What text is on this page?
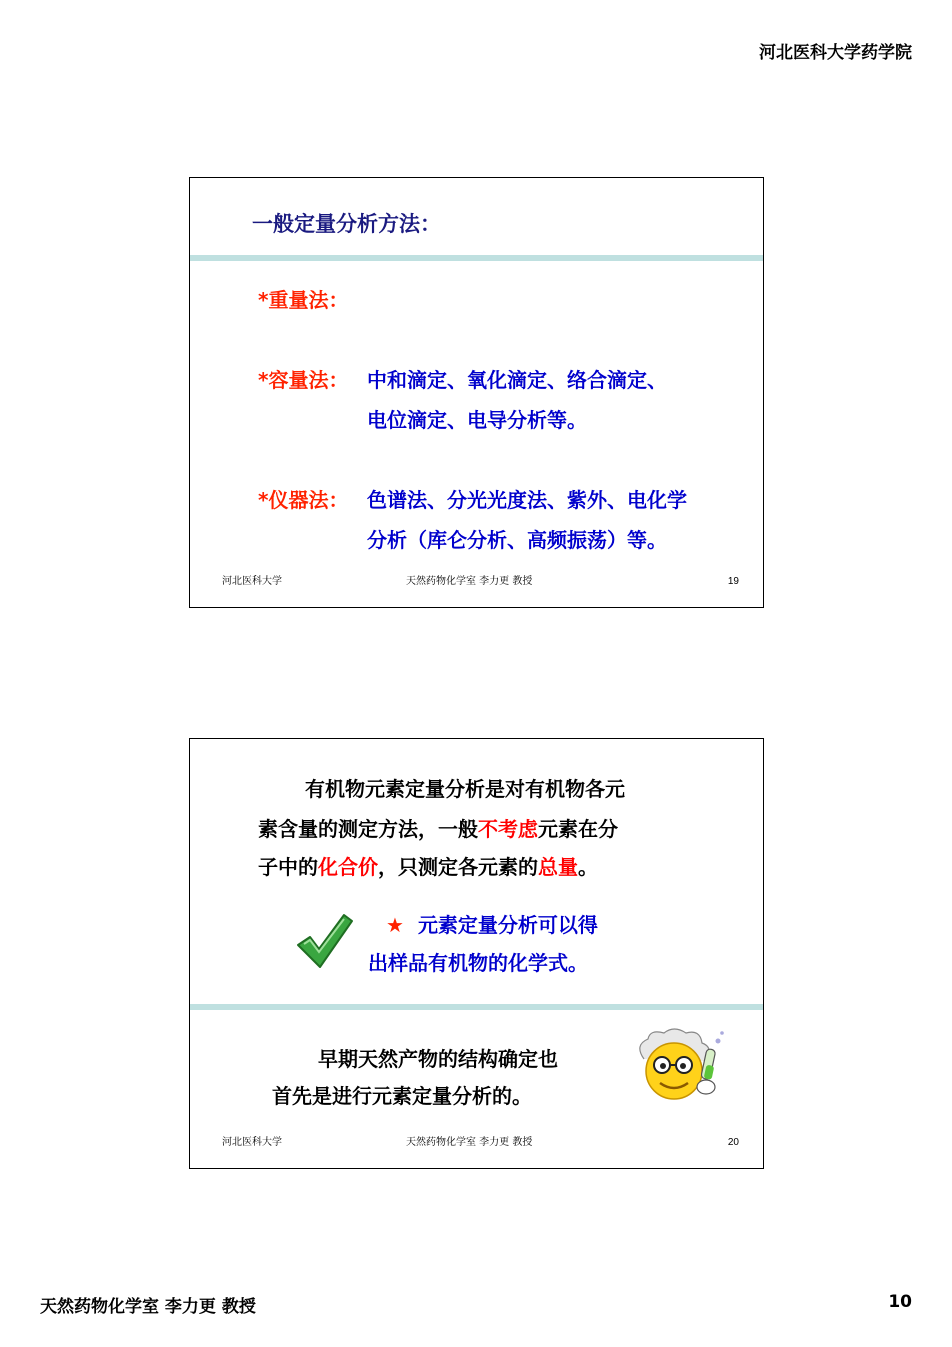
河北医科大学药学院
一般定量分析方法：
*重量法：
*容量法： 中和滴定、氧化滴定、络合滴定、
电位滴定、电导分析等。
*仪器法： 色谱法、分光光度法、紫外、电化学
分析（库仑分析、高频振荡）等。
河北医科大学	天然药物化学室 李力更 教授	19
有机物元素定量分析是对有机物各元
素含量的测定方法，一般不考虑元素在分
子中的化合价，只测定各元素的总量。
★ 元素定量分析可以得
出样品有机物的化学式。
早期天然产物的结构确定也
首先是进行元素定量分析的。
河北医科大学	天然药物化学室 李力更 教授	20
天然药物化学室 李力更 教授	10
